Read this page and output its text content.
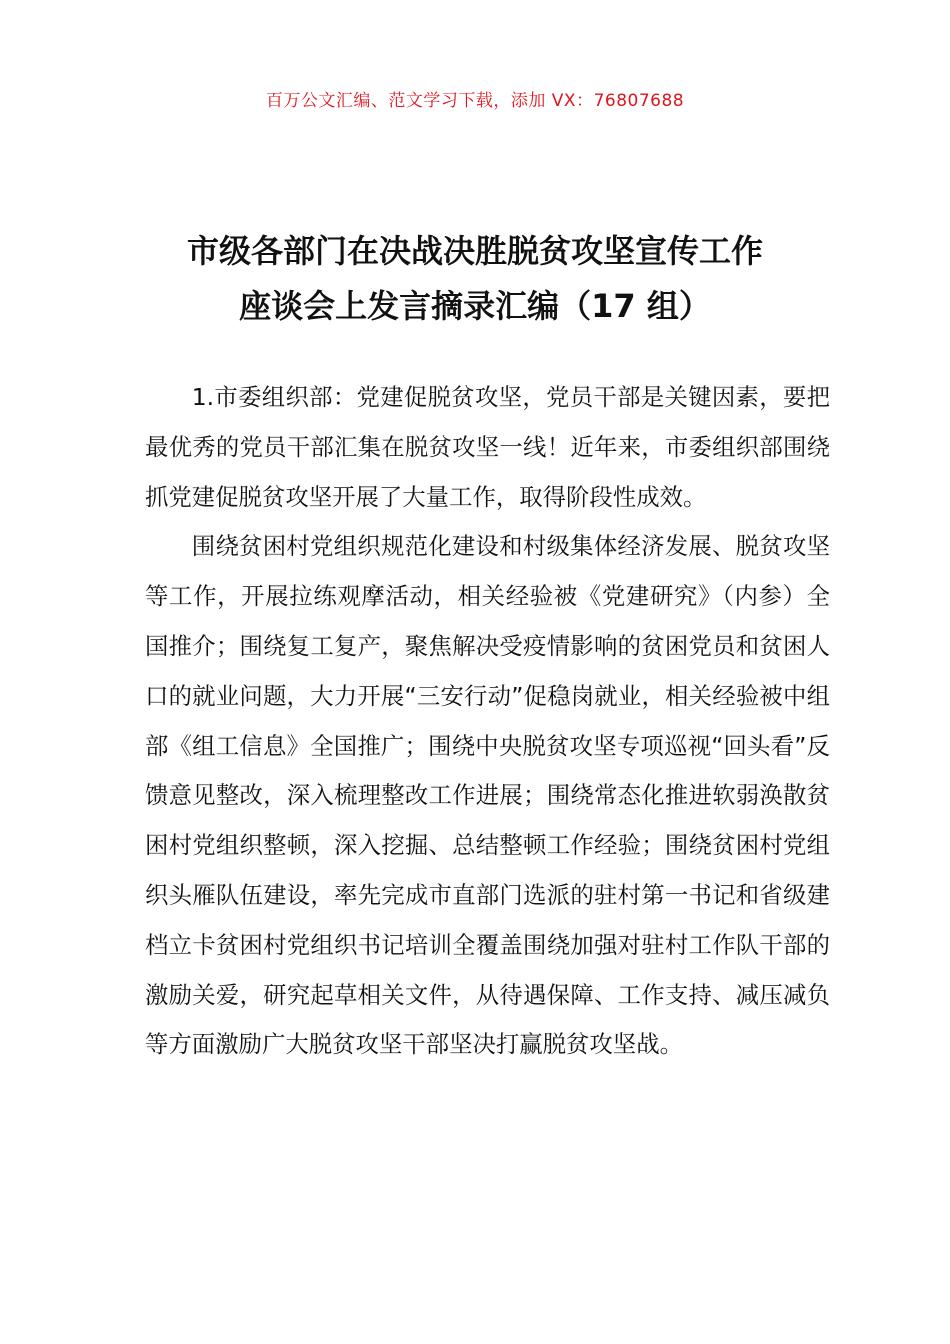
百万公文汇编、范文学习下载，添加 VX：76807688
市级各部门在决战决胜脱贫攻坚宣传工作
座谈会上发言摘录汇编（17 组）

1.市委组织部：党建促脱贫攻坚，党员干部是关键因素，要把最优秀的党员干部汇集在脱贫攻坚一线！近年来，市委组织部围绕抓党建促脱贫攻坚开展了大量工作，取得阶段性成效。

围绕贫困村党组织规范化建设和村级集体经济发展、脱贫攻坚等工作，开展拉练观摩活动，相关经验被《党建研究》（内参）全国推介；围绕复工复产，聚焦解决受疫情影响的贫困党员和贫困人口的就业问题，大力开展“三安行动”促稳岗就业，相关经验被中组部《组工信息》全国推广；围绕中央脱贫攻坚专项巡视“回头看”反馈意见整改，深入梳理整改工作进展；围绕常态化推进软弱涣散贫困村党组织整顿，深入挖掘、总结整顿工作经验；围绕贫困村党组织头雁队伍建设，率先完成市直部门选派的驻村第一书记和省级建档立卡贫困村党组织书记培训全覆盖围绕加强对驻村工作队干部的激励关爱，研究起草相关文件，从待遇保障、工作支持、减压减负等方面激励广大脱贫攻坚干部坚决打赢脱贫攻坚战。
